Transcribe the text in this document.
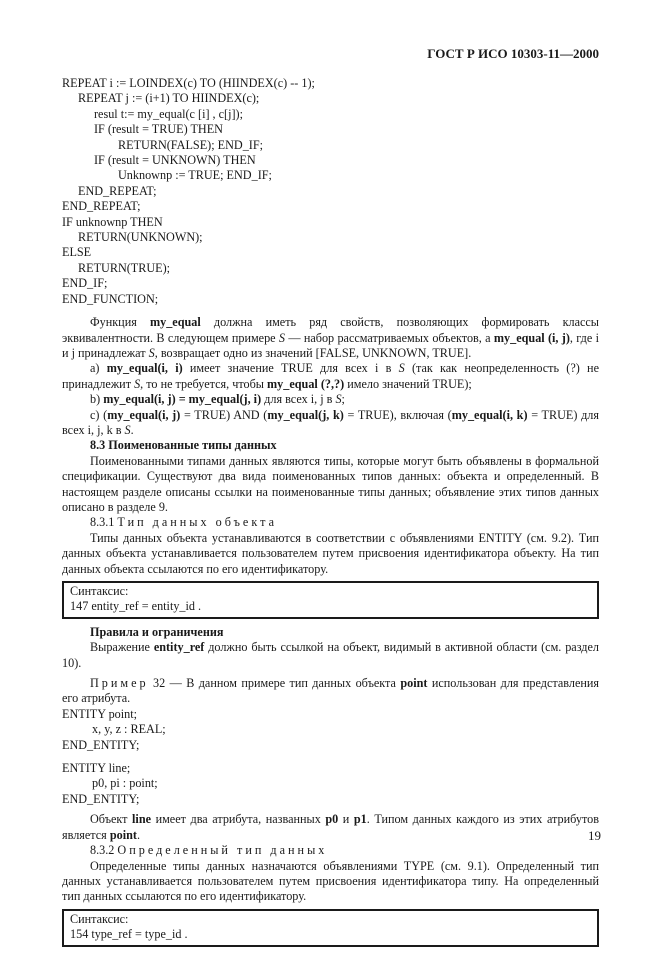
ГОСТ Р ИСО 10303-11—2000
REPEAT i := LOINDEX(c) TO (HIINDEX(c) -- 1);
REPEAT j := (i+1) TO HIINDEX(c);
resul t:= my_equal(c [i] , c[j]);
IF (result = TRUE) THEN
RETURN(FALSE); END_IF;
IF (result = UNKNOWN) THEN
Unknownp := TRUE; END_IF;
END_REPEAT;
END_REPEAT;
IF unknownp THEN
RETURN(UNKNOWN);
ELSE
RETURN(TRUE);
END_IF;
END_FUNCTION;

Функция my_equal должна иметь ряд свойств, позволяющих формировать классы эквивалентности. В следующем примере S — набор рассматриваемых объектов, а my_equal (i, j), где i и j принадлежат S, возвращает одно из значений [FALSE, UNKNOWN, TRUE].

a) my_equal(i, i) имеет значение TRUE для всех i в S (так как неопределенность (?) не принадлежит S, то не требуется, чтобы my_equal (?,?) имело значений TRUE);

b) my_equal(i, j) = my_equal(j, i) для всех i, j в S;

c) (my_equal(i, j) = TRUE) AND (my_equal(j, k) = TRUE), включая (my_equal(i, k) = TRUE) для всех i, j, k в S.

8.3 Поименованные типы данных

Поименованными типами данных являются типы, которые могут быть объявлены в формальной спецификации. Существуют два вида поименованных типов данных: объекта и определенный. В настоящем разделе описаны ссылки на поименованные типы данных; объявление этих типов данных описано в разделе 9.

8.3.1 Тип данных объекта

Типы данных объекта устанавливаются в соответствии с объявлениями ENTITY (см. 9.2). Тип данных объекта устанавливается пользователем путем присвоения идентификатора объекту. На тип данных объекта ссылаются по его идентификатору.

Синтаксис:
147 entity_ref = entity_id .

Правила и ограничения

Выражение entity_ref должно быть ссылкой на объект, видимый в активной области (см. раздел 10).

Пример 32 — В данном примере тип данных объекта point использован для представления его атрибута.

ENTITY point;
x, y, z : REAL;
END_ENTITY;
ENTITY line;
p0, pi : point;
END_ENTITY;

Объект line имеет два атрибута, названных p0 и p1. Типом данных каждого из этих атрибутов является point.

8.3.2 Определенный тип данных

Определенные типы данных назначаются объявлениями TYPE (см. 9.1). Определенный тип данных устанавливается пользователем путем присвоения идентификатора типу. На определенный тип данных ссылаются по его идентификатору.

Синтаксис:
154 type_ref = type_id .
19
